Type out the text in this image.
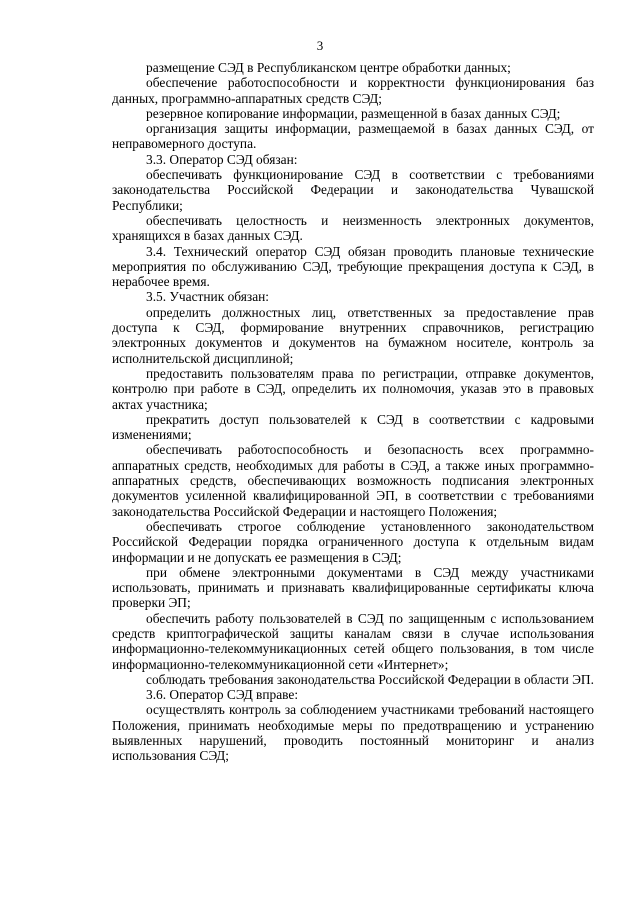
3

размещение СЭД в Республиканском центре обработки данных;

обеспечение работоспособности и корректности функционирования баз данных, программно-аппаратных средств СЭД;

резервное копирование информации, размещенной в базах данных СЭД;

организация защиты информации, размещаемой в базах данных СЭД, от неправомерного доступа.

3.3. Оператор СЭД обязан:

обеспечивать функционирование СЭД в соответствии с требованиями законодательства Российской Федерации и законодательства Чувашской Республики;

обеспечивать целостность и неизменность электронных документов, хранящихся в базах данных СЭД.

3.4. Технический оператор СЭД обязан проводить плановые технические мероприятия по обслуживанию СЭД, требующие прекращения доступа к СЭД, в нерабочее время.

3.5. Участник обязан:

определить должностных лиц, ответственных за предоставление прав доступа к СЭД, формирование внутренних справочников, регистрацию электронных документов и документов на бумажном носителе, контроль за исполнительской дисциплиной;

предоставить пользователям права по регистрации, отправке документов, контролю при работе в СЭД, определить их полномочия, указав это в правовых актах участника;

прекратить доступ пользователей к СЭД в соответствии с кадровыми изменениями;

обеспечивать работоспособность и безопасность всех программно-аппаратных средств, необходимых для работы в СЭД, а также иных программно-аппаратных средств, обеспечивающих возможность подписания электронных документов усиленной квалифицированной ЭП, в соответствии с требованиями законодательства Российской Федерации и настоящего Положения;

обеспечивать строгое соблюдение установленного законодательством Российской Федерации порядка ограниченного доступа к отдельным видам информации и не допускать ее размещения в СЭД;

при обмене электронными документами в СЭД между участниками использовать, принимать и признавать квалифицированные сертификаты ключа проверки ЭП;

обеспечить работу пользователей в СЭД по защищенным с использованием средств криптографической защиты каналам связи в случае использования информационно-телекоммуникационных сетей общего пользования, в том числе информационно-телекоммуникационной сети «Интернет»;

соблюдать требования законодательства Российской Федерации в области ЭП.

3.6. Оператор СЭД вправе:

осуществлять контроль за соблюдением участниками требований настоящего Положения, принимать необходимые меры по предотвращению и устранению выявленных нарушений, проводить постоянный мониторинг и анализ использования СЭД;
